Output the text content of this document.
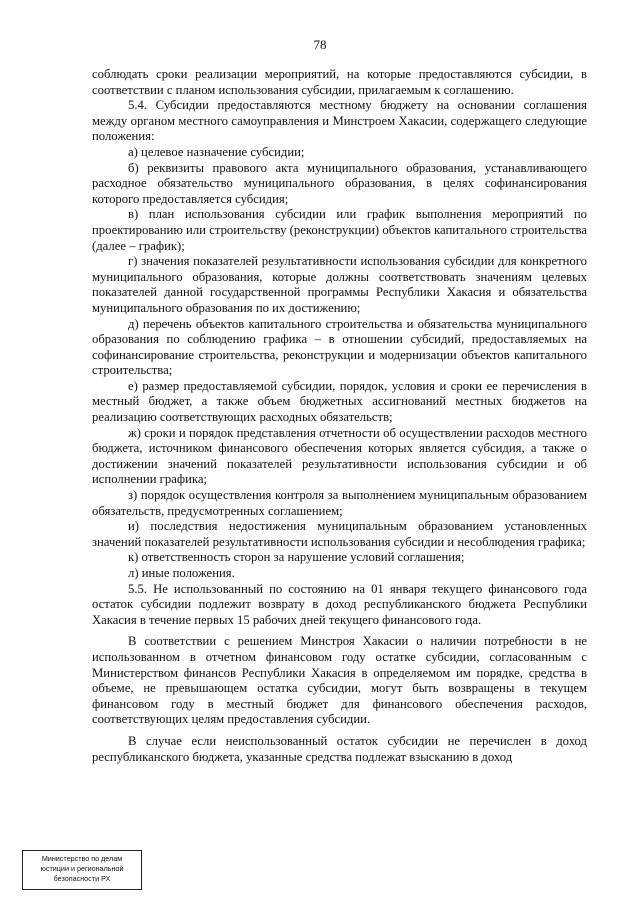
78

соблюдать сроки реализации мероприятий, на которые предоставляются субсидии, в соответствии с планом использования субсидии, прилагаемым к соглашению.

5.4. Субсидии предоставляются местному бюджету на основании соглашения между органом местного самоуправления и Минстроем Хакасии, содержащего следующие положения:

а) целевое назначение субсидии;

б) реквизиты правового акта муниципального образования, устанавливающего расходное обязательство муниципального образования, в целях софинансирования которого предоставляется субсидия;

в) план использования субсидии или график выполнения мероприятий по проектированию или строительству (реконструкции) объектов капитального строительства (далее – график);

г) значения показателей результативности использования субсидии для конкретного муниципального образования, которые должны соответствовать значениям целевых показателей данной государственной программы Республики Хакасия и обязательства муниципального образования по их достижению;

д) перечень объектов капитального строительства и обязательства муниципального образования по соблюдению графика – в отношении субсидий, предоставляемых на софинансирование строительства, реконструкции и модернизации объектов капитального строительства;

е) размер предоставляемой субсидии, порядок, условия и сроки ее перечисления в местный бюджет, а также объем бюджетных ассигнований местных бюджетов на реализацию соответствующих расходных обязательств;

ж) сроки и порядок представления отчетности об осуществлении расходов местного бюджета, источником финансового обеспечения которых является субсидия, а также о достижении значений показателей результативности использования субсидии и об исполнении графика;

з) порядок осуществления контроля за выполнением муниципальным образованием обязательств, предусмотренных соглашением;

и) последствия недостижения муниципальным образованием установленных значений показателей результативности использования субсидии и несоблюдения графика;

к) ответственность сторон за нарушение условий соглашения;

л) иные положения.

5.5. Не использованный по состоянию на 01 января текущего финансового года остаток субсидии подлежит возврату в доход республиканского бюджета Республики Хакасия в течение первых 15 рабочих дней текущего финансового года.

В соответствии с решением Минстроя Хакасии о наличии потребности в не использованном в отчетном финансовом году остатке субсидии, согласованным с Министерством финансов Республики Хакасия в определяемом им порядке, средства в объеме, не превышающем остатка субсидии, могут быть возвращены в текущем финансовом году в местный бюджет для финансового обеспечения расходов, соответствующих целям предоставления субсидии.

В случае если неиспользованный остаток субсидии не перечислен в доход республиканского бюджета, указанные средства подлежат взысканию в доход

Министерство по делам
юстиции и региональной
безопасности РХ
